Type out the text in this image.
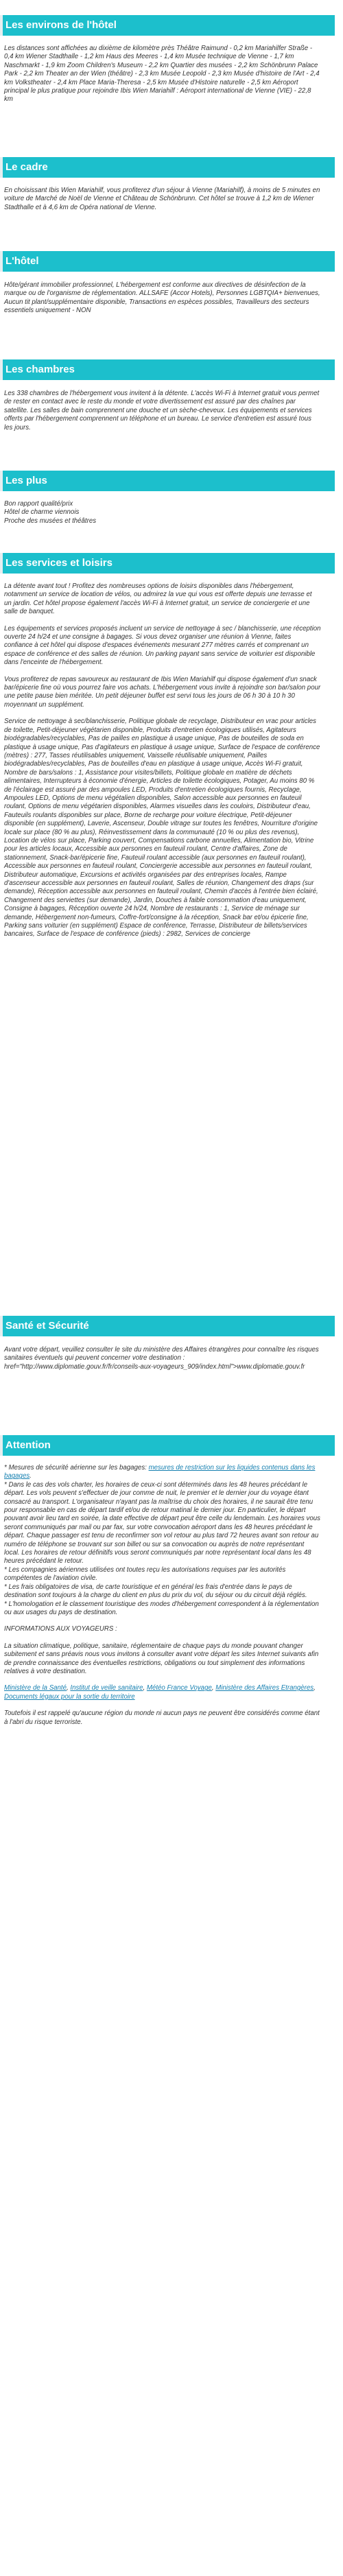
Les environs de l'hôtel

Les distances sont affichées au dixième de kilomètre près Théâtre Raimund - 0,2 km Mariahilfer Straße - 0,4 km Wiener Stadthalle - 1,2 km Haus des Meeres - 1,4 km Musée technique de Vienne - 1,7 km Naschmarkt - 1,9 km Zoom Children's Museum - 2,2 km Quartier des musées - 2,2 km Schönbrunn Palace Park - 2,2 km Theater an der Wien (théâtre) - 2,3 km Musée Leopold - 2,3 km Musée d'histoire de l'Art - 2,4 km Volkstheater - 2,4 km Place Maria-Theresa - 2,5 km Musée d'Histoire naturelle - 2,5 km Aéroport principal le plus pratique pour rejoindre Ibis Wien Mariahilf : Aéroport international de Vienne (VIE) - 22,8 km

Le cadre

En choisissant Ibis Wien Mariahilf, vous profiterez d'un séjour à Vienne (Mariahilf), à moins de 5 minutes en voiture de Marché de Noël de Vienne et Château de Schönbrunn. Cet hôtel se trouve à 1,2 km de Wiener Stadthalle et à 4,6 km de Opéra national de Vienne.

L'hôtel

Hôte/gérant immobilier professionnel, L'hébergement est conforme aux directives de désinfection de la marque ou de l'organisme de réglementation. ALLSAFE (Accor Hotels), Personnes LGBTQIA+ bienvenues, Aucun tit plant/supplémentaire disponible, Transactions en espèces possibles, Travailleurs des secteurs essentiels uniquement - NON

Les chambres

Les 338 chambres de l'hébergement vous invitent à la détente. L'accès Wi-Fi à Internet gratuit vous permet de rester en contact avec le reste du monde et votre divertissement est assuré par des chaînes par satellite. Les salles de bain comprennent une douche et un sèche-cheveux. Les équipements et services offerts par l'hébergement comprennent un téléphone et un bureau. Le service d'entretien est assuré tous les jours.

Les plus
Bon rapport qualité/prix
Hôtel de charme viennois
Proche des musées et théâtres
Les services et loisirs

La détente avant tout ! Profitez des nombreuses options de loisirs disponibles dans l'hébergement, notamment un service de location de vélos, ou admirez la vue qui vous est offerte depuis une terrasse et un jardin. Cet hôtel propose également l'accès Wi-Fi à Internet gratuit, un service de conciergerie et une salle de banquet.

Les équipements et services proposés incluent un service de nettoyage à sec / blanchisserie, une réception ouverte 24 h/24 et une consigne à bagages. Si vous devez organiser une réunion à Vienne, faites confiance à cet hôtel qui dispose d'espaces événements mesurant 277 mètres carrés et comprenant un espace de conférence et des salles de réunion. Un parking payant sans service de voiturier est disponible dans l'enceinte de l'hébergement.

Vous profiterez de repas savoureux au restaurant de Ibis Wien Mariahilf qui dispose également d'un snack bar/épicerie fine où vous pourrez faire vos achats. L'hébergement vous invite à rejoindre son bar/salon pour une petite pause bien méritée. Un petit déjeuner buffet est servi tous les jours de 06 h 30 à 10 h 30 moyennant un supplément.

Service de nettoyage à sec/blanchisserie, Politique globale de recyclage, Distributeur en vrac pour articles de toilette, Petit-déjeuner végétarien disponible, Produits d'entretien écologiques utilisés, Agitateurs biodégradables/recyclables, Pas de pailles en plastique à usage unique, Pas de bouteilles de soda en plastique à usage unique, Pas d'agitateurs en plastique à usage unique, Surface de l'espace de conférence (mètres) : 277, Tasses réutilisables uniquement, Vaisselle réutilisable uniquement, Pailles biodégradables/recyclables, Pas de bouteilles d'eau en plastique à usage unique, Accès Wi-Fi gratuit, Nombre de bars/salons : 1, Assistance pour visites/billets, Politique globale en matière de déchets alimentaires, Interrupteurs à économie d'énergie, Articles de toilette écologiques, Potager, Au moins 80 % de l'éclairage est assuré par des ampoules LED, Produits d'entretien écologiques fournis, Recyclage, Ampoules LED, Options de menu végétalien disponibles, Salon accessible aux personnes en fauteuil roulant, Options de menu végétarien disponibles, Alarmes visuelles dans les couloirs, Distributeur d'eau, Fauteuils roulants disponibles sur place, Borne de recharge pour voiture électrique, Petit-déjeuner disponible (en supplément), Laverie, Ascenseur, Double vitrage sur toutes les fenêtres, Nourriture d'origine locale sur place (80 % au plus), Réinvestissement dans la communauté (10 % ou plus des revenus), Location de vélos sur place, Parking couvert, Compensations carbone annuelles, Alimentation bio, Vitrine pour les articles locaux, Accessible aux personnes en fauteuil roulant, Centre d'affaires, Zone de stationnement, Snack-bar/épicerie fine, Fauteuil roulant accessible (aux personnes en fauteuil roulant), Accessible aux personnes en fauteuil roulant, Conciergerie accessible aux personnes en fauteuil roulant, Distributeur automatique, Excursions et activités organisées par des entreprises locales, Rampe d'ascenseur accessible aux personnes en fauteuil roulant, Salles de réunion, Changement des draps (sur demande), Réception accessible aux personnes en fauteuil roulant, Chemin d'accès à l'entrée bien éclairé, Changement des serviettes (sur demande), Jardin, Douches à faible consommation d'eau uniquement, Consigne à bagages, Réception ouverte 24 h/24, Nombre de restaurants : 1, Service de ménage sur demande, Hébergement non-fumeurs, Coffre-fort/consigne à la réception, Snack bar et/ou épicerie fine, Parking sans voiturier (en supplément) Espace de conférence, Terrasse, Distributeur de billets/services bancaires, Surface de l'espace de conférence (pieds) : 2982, Services de concierge

Santé et Sécurité

Avant votre départ, veuillez consulter le site du ministère des Affaires étrangères pour connaître les risques sanitaires éventuels qui peuvent concerner votre destination : href="http://www.diplomatie.gouv.fr/fr/conseils-aux-voyageurs_909/index.html">www.diplomatie.gouv.fr

Attention

* Mesures de sécurité aérienne sur les bagages: mesures de restriction sur les liquides contenus dans les bagages.

* Dans le cas des vols charter, les horaires de ceux-ci sont déterminés dans les 48 heures précédant le départ. Les vols peuvent s'effectuer de jour comme de nuit, le premier et le dernier jour du voyage étant consacré au transport. L'organisateur n'ayant pas la maîtrise du choix des horaires, il ne saurait être tenu pour responsable en cas de départ tardif et/ou de retour matinal le dernier jour. En particulier, le départ pouvant avoir lieu tard en soirée, la date effective de départ peut être celle du lendemain. Les horaires vous seront communiqués par mail ou par fax, sur votre convocation aéroport dans les 48 heures précédant le départ. Chaque passager est tenu de reconfirmer son vol retour au plus tard 72 heures avant son retour au numéro de téléphone se trouvant sur son billet ou sur sa convocation ou auprès de notre représentant local. Les horaires de retour définitifs vous seront communiqués par notre représentant local dans les 48 heures précédant le retour.

* Les compagnies aériennes utilisées ont toutes reçu les autorisations requises par les autorités compétentes de l'aviation civile.

* Les frais obligatoires de visa, de carte touristique et en général les frais d'entrée dans le pays de destination sont toujours à la charge du client en plus du prix du vol, du séjour ou du circuit déjà réglés.

* L'homologation et le classement touristique des modes d'hébergement correspondent à la réglementation ou aux usages du pays de destination.

INFORMATIONS AUX VOYAGEURS :

La situation climatique, politique, sanitaire, réglementaire de chaque pays du monde pouvant changer subitement et sans préavis nous vous invitons à consulter avant votre départ les sites Internet suivants afin de prendre connaissance des éventuelles restrictions, obligations ou tout simplement des informations relatives à votre destination.

Ministère de la Santé, Institut de veille sanitaire, Météo France Voyage, Ministère des Affaires Etrangères, Documents légaux pour la sortie du territoire

Toutefois il est rappelé qu'aucune région du monde ni aucun pays ne peuvent être considérés comme étant à l'abri du risque terroriste.
